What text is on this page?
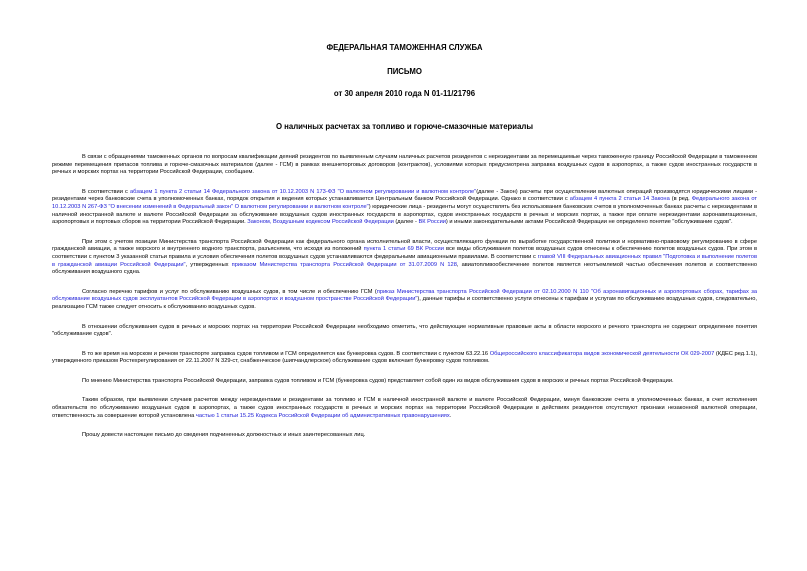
ФЕДЕРАЛЬНАЯ ТАМОЖЕННАЯ СЛУЖБА

ПИСЬМО

от 30 апреля 2010 года N 01-11/21796

О наличных расчетах за топливо и горюче-смазочные материалы

В связи с обращениями таможенных органов по вопросам квалификации деяний резидентов по выявленным случаям наличных расчетов резидентов с нерезидентами за перемещаемые через таможенную границу Российской Федерации в таможенном режиме перемещения припасов топлива и горюче-смазочных материалов (далее - ГСМ) в рамках внешнеторговых договоров (контрактов), условиями которых предусмотрена заправка воздушных судов в аэропортах, а также судов иностранных государств в речных и морских портах на территории Российской Федерации, сообщаем.

В соответствии с абзацем 1 пункта 2 статьи 14 Федерального закона от 10.12.2003 N 173-ФЗ "О валютном регулировании и валютном контроле"(далее - Закон) расчеты при осуществлении валютных операций производятся юридическими лицами - резидентами через банковские счета в уполномоченных банках, порядок открытия и ведения которых устанавливается Центральным банком Российской Федерации. Однако в соответствии с абзацем 4 пункта 2 статьи 14 Закона (в ред. Федерального закона от 10.12.2003 N 267-ФЗ "О внесении изменений в Федеральный закон" О валютном регулировании и валютном контроле") юридические лица - резиденты могут осуществлять без использования банковских счетов в уполномоченных банках расчеты с нерезидентами в наличной иностранной валюте и валюте Российской Федерации за обслуживание воздушных судов иностранных государств в аэропортах, судов иностранных государств в речных и морских портах, а также при оплате нерезидентами аэронавигационных, аэропортовых и портовых сборов на территории Российской Федерации. Законом, Воздушным кодексом Российской Федерации (далее - ВК России) и иными законодательными актами Российской Федерации не определено понятие "обслуживание судов".

При этом с учетом позиции Министерства транспорта Российской Федерации как федерального органа исполнительной власти, осуществляющего функции по выработке государственной политики и нормативно-правовому регулированию в сфере гражданской авиации, а также морского и внутреннего водного транспорта, разъясняем, что исходя из положений пункта 1 статьи 69 ВК России все виды обслуживания полетов воздушных судов отнесены к обеспечению полетов воздушных судов. При этом в соответствии с пунктом 3 указанной статьи правила и условия обеспечения полетов воздушных судов устанавливаются федеральными авиационными правилами. В соответствии с главой VIII Федеральных авиационных правил "Подготовка и выполнение полетов в гражданской авиации Российской Федерации", утвержденных приказом Министерства транспорта Российской Федерации от 31.07.2009 N 128, авиатопливообеспечение полетов является неотъемлемой частью обеспечения полетов и соответственно обслуживания воздушного судна.

Согласно перечню тарифов и услуг по обслуживанию воздушных судов, в том числе и обеспечению ГСМ (приказ Министерства транспорта Российской Федерации от 02.10.2000 N 110 "Об аэронавигационных и аэропортовых сборах, тарифах за обслуживание воздушных судов эксплуатантов Российской Федерации в аэропортах и воздушном пространстве Российской Федерации"), данные тарифы и соответственно услуги отнесены к тарифам и услугам по обслуживанию воздушных судов, следовательно, реализацию ГСМ также следует относить к обслуживанию воздушных судов.

В отношении обслуживания судов в речных и морских портах на территории Российской Федерации необходимо отметить, что действующие нормативные правовые акты в области морского и речного транспорта не содержат определение понятия "обслуживание судов".

В то же время на морском и речном транспорте заправка судов топливом и ГСМ определяется как бункеровка судов. В соответствии с пунктом 63.22.16 Общероссийского классификатора видов экономической деятельности ОК 029-2007 (КДЕС ред.1.1), утвержденного приказом Ростехрегулирования от 22.11.2007 N 329-ст, снабженческое (шипчандлерское) обслуживание судов включает бункеровку судов топливом.

По мнению Министерства транспорта Российской Федерации, заправка судов топливом и ГСМ (бункеровка судов) представляет собой один из видов обслуживания судов в морских и речных портах Российской Федерации.

Таким образом, при выявлении случаев расчетов между нерезидентами и резидентами за топливо и ГСМ в наличной иностранной валюте и валюте Российской Федерации, минуя банковские счета в уполномоченных банках, в счет исполнения обязательств по обслуживанию воздушных судов в аэропортах, а также судов иностранных государств в речных и морских портах на территории Российской Федерации в действиях резидентов отсутствуют признаки незаконной валютной операции, ответственность за совершение которой установлена частью 1 статьи 15.25 Кодекса Российской Федерации об административных правонарушениях.

Прошу довести настоящее письмо до сведения подчиненных должностных и иных заинтересованных лиц.
